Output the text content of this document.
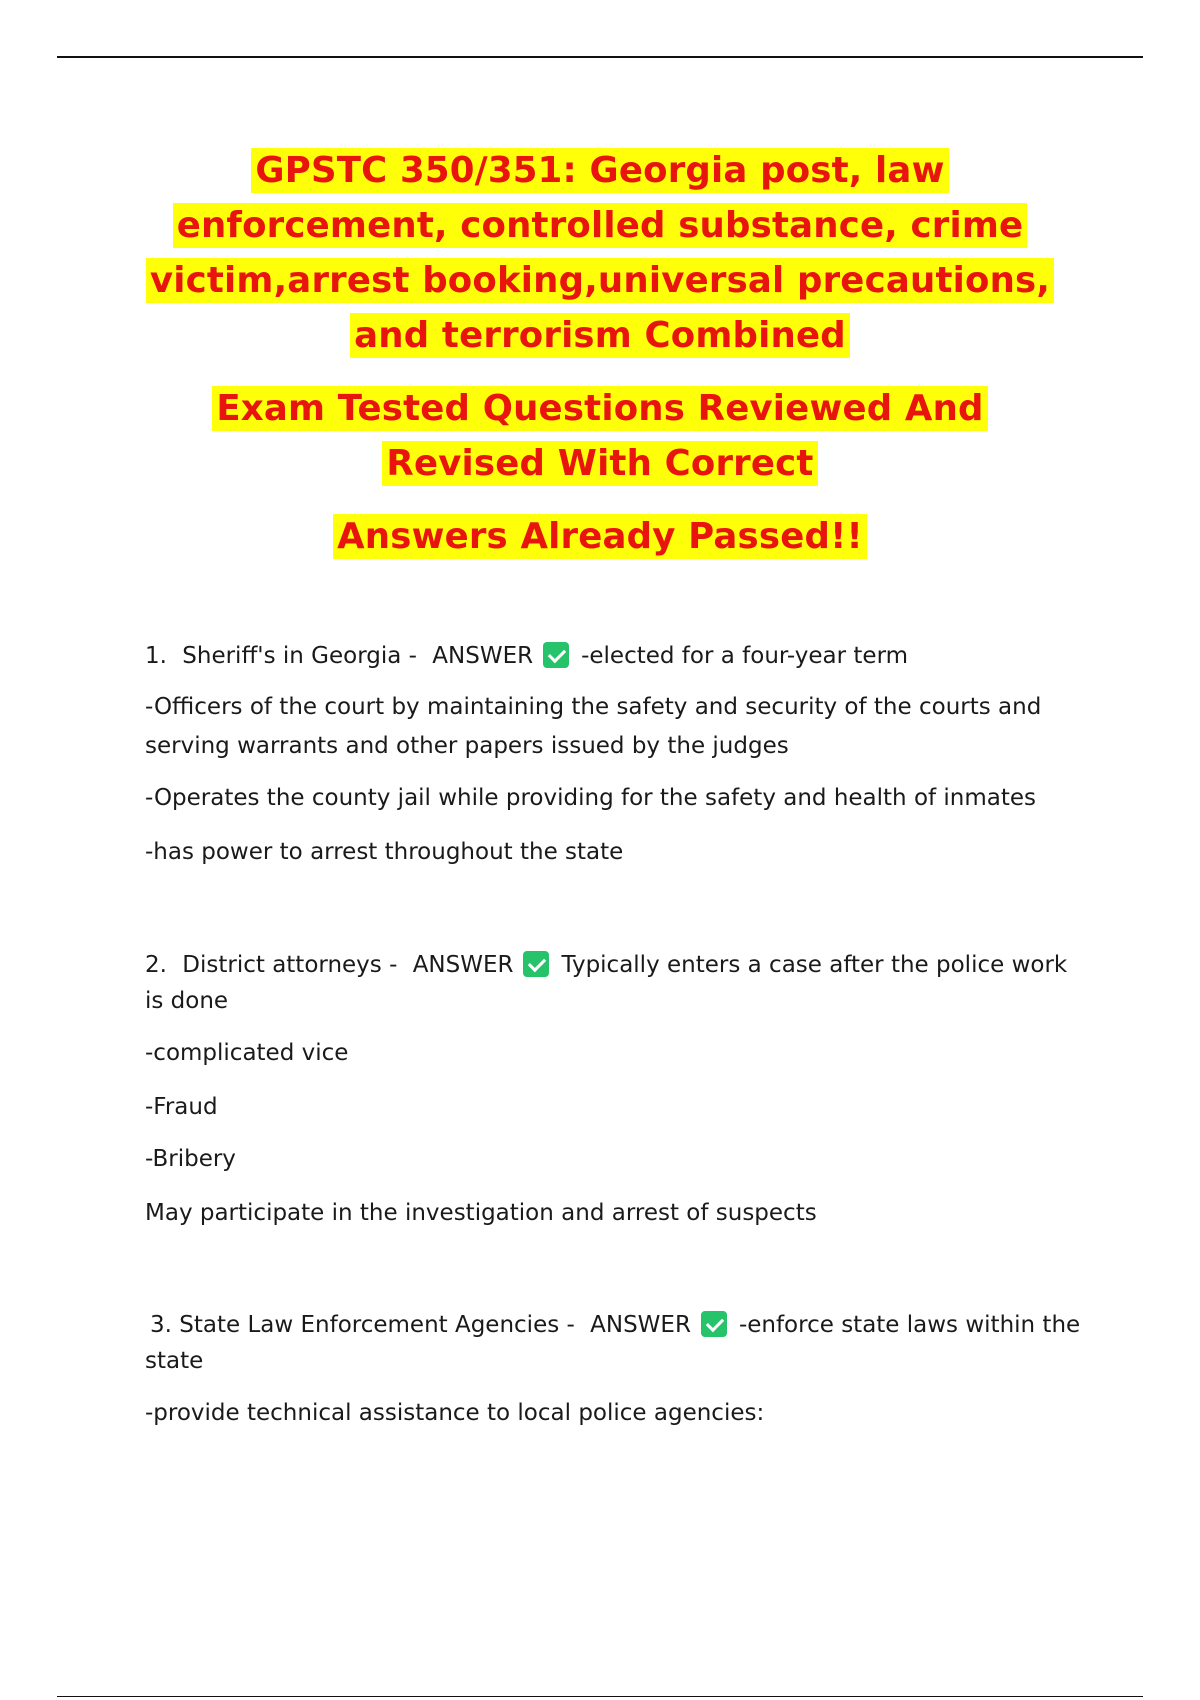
GPSTC 350/351: Georgia post, law
enforcement, controlled substance, crime
victim,arrest booking,universal precautions,
and terrorism Combined
Exam Tested Questions Reviewed And
Revised With Correct
Answers Already Passed!!
1. Sheriff's in Georgia - ANSWER -elected for a four-year term
-Officers of the court by maintaining the safety and security of the courts and
serving warrants and other papers issued by the judges
-Operates the county jail while providing for the safety and health of inmates
-has power to arrest throughout the state
2. District attorneys - ANSWER Typically enters a case after the police work
is done
-complicated vice
-Fraud
-Bribery
May participate in the investigation and arrest of suspects
3. State Law Enforcement Agencies - ANSWER -enforce state laws within the
state
-provide technical assistance to local police agencies:
